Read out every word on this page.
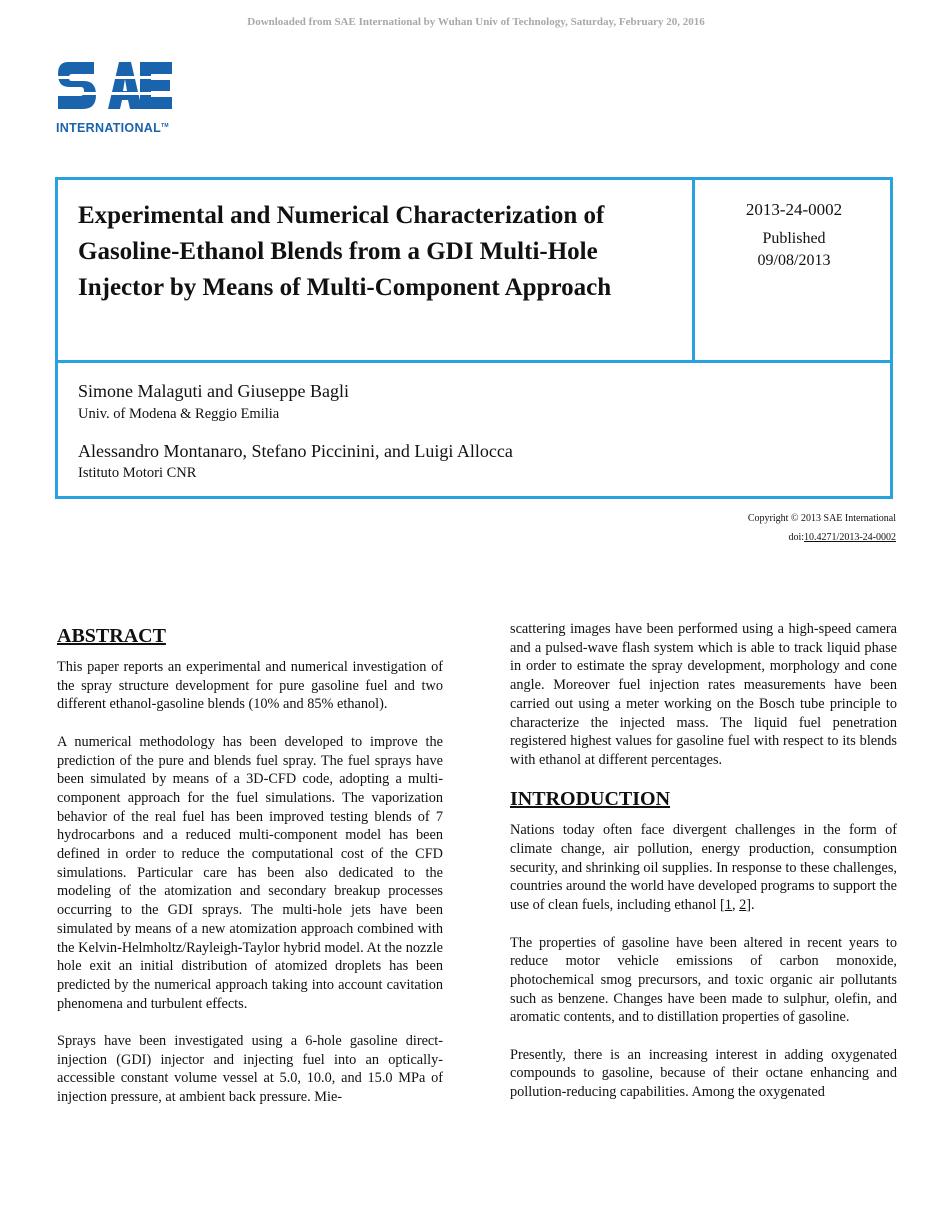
Downloaded from SAE International by Wuhan Univ of Technology, Saturday, February 20, 2016
INTERNATIONAL™
Experimental and Numerical Characterization of Gasoline-Ethanol Blends from a GDI Multi-Hole Injector by Means of Multi-Component Approach
2013-24-0002
Published
09/08/2013
Simone Malaguti and Giuseppe Bagli
Univ. of Modena & Reggio Emilia
Alessandro Montanaro, Stefano Piccinini, and Luigi Allocca
Istituto Motori CNR
Copyright © 2013 SAE International
doi:10.4271/2013-24-0002
ABSTRACT

This paper reports an experimental and numerical investigation of the spray structure development for pure gasoline fuel and two different ethanol-gasoline blends (10% and 85% ethanol).

A numerical methodology has been developed to improve the prediction of the pure and blends fuel spray. The fuel sprays have been simulated by means of a 3D-CFD code, adopting a multi-component approach for the fuel simulations. The vaporization behavior of the real fuel has been improved testing blends of 7 hydrocarbons and a reduced multi-component model has been defined in order to reduce the computational cost of the CFD simulations. Particular care has been also dedicated to the modeling of the atomization and secondary breakup processes occurring to the GDI sprays. The multi-hole jets have been simulated by means of a new atomization approach combined with the Kelvin-Helmholtz/Rayleigh-Taylor hybrid model. At the nozzle hole exit an initial distribution of atomized droplets has been predicted by the numerical approach taking into account cavitation phenomena and turbulent effects.

Sprays have been investigated using a 6-hole gasoline direct-injection (GDI) injector and injecting fuel into an optically-accessible constant volume vessel at 5.0, 10.0, and 15.0 MPa of injection pressure, at ambient back pressure. Mie-

scattering images have been performed using a high-speed camera and a pulsed-wave flash system which is able to track liquid phase in order to estimate the spray development, morphology and cone angle. Moreover fuel injection rates measurements have been carried out using a meter working on the Bosch tube principle to characterize the injected mass. The liquid fuel penetration registered highest values for gasoline fuel with respect to its blends with ethanol at different percentages.

INTRODUCTION

Nations today often face divergent challenges in the form of climate change, air pollution, energy production, consumption security, and shrinking oil supplies. In response to these challenges, countries around the world have developed programs to support the use of clean fuels, including ethanol [1, 2].

The properties of gasoline have been altered in recent years to reduce motor vehicle emissions of carbon monoxide, photochemical smog precursors, and toxic organic air pollutants such as benzene. Changes have been made to sulphur, olefin, and aromatic contents, and to distillation properties of gasoline.

Presently, there is an increasing interest in adding oxygenated compounds to gasoline, because of their octane enhancing and pollution-reducing capabilities. Among the oxygenated
